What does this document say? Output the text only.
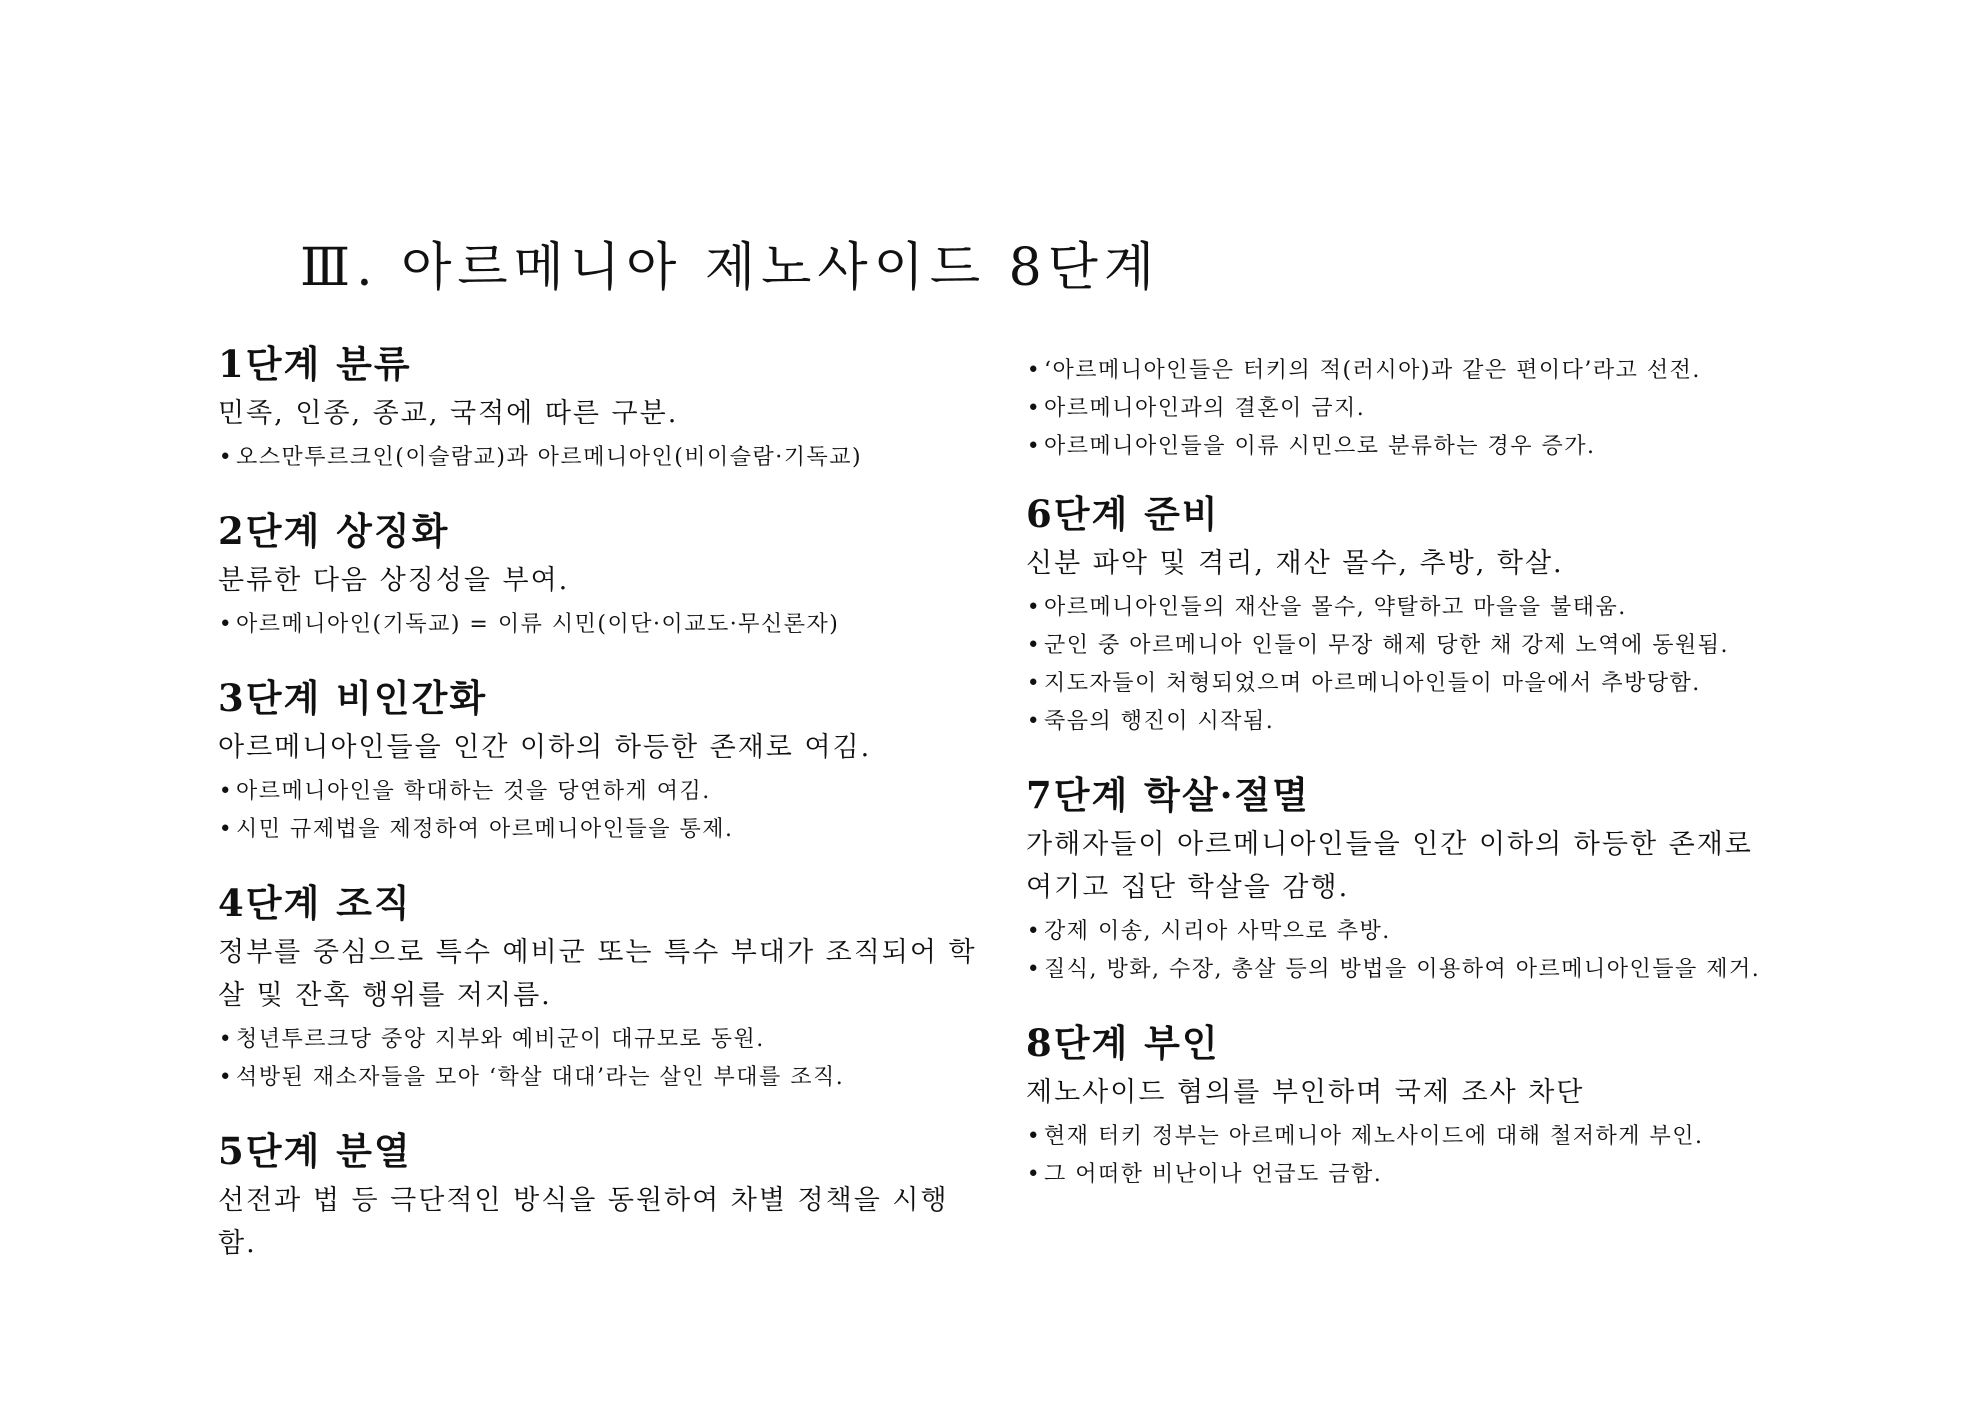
Ⅲ. 아르메니아 제노사이드 8단계
1단계 분류

민족, 인종, 종교, 국적에 따른 구분.

• 오스만투르크인(이슬람교)과 아르메니아인(비이슬람·기독교)
2단계 상징화

분류한 다음 상징성을 부여.

• 아르메니아인(기독교) = 이류 시민(이단·이교도·무신론자)
3단계 비인간화

아르메니아인들을 인간 이하의 하등한 존재로 여김.

• 아르메니아인을 학대하는 것을 당연하게 여김.
• 시민 규제법을 제정하여 아르메니아인들을 통제.
4단계 조직

정부를 중심으로 특수 예비군 또는 특수 부대가 조직되어 학살 및 잔혹 행위를 저지름.

• 청년투르크당 중앙 지부와 예비군이 대규모로 동원.
• 석방된 재소자들을 모아 ‘학살 대대’라는 살인 부대를 조직.
5단계 분열

선전과 법 등 극단적인 방식을 동원하여 차별 정책을 시행함.

• ‘아르메니아인들은 터키의 적(러시아)과 같은 편이다’라고 선전.
• 아르메니아인과의 결혼이 금지.
• 아르메니아인들을 이류 시민으로 분류하는 경우 증가.
6단계 준비

신분 파악 및 격리, 재산 몰수, 추방, 학살.

• 아르메니아인들의 재산을 몰수, 약탈하고 마을을 불태움.
• 군인 중 아르메니아 인들이 무장 해제 당한 채 강제 노역에 동원됨.
• 지도자들이 처형되었으며 아르메니아인들이 마을에서 추방당함.
• 죽음의 행진이 시작됨.
7단계 학살·절멸

가해자들이 아르메니아인들을 인간 이하의 하등한 존재로 여기고 집단 학살을 감행.

• 강제 이송, 시리아 사막으로 추방.
• 질식, 방화, 수장, 총살 등의 방법을 이용하여 아르메니아인들을 제거.
8단계 부인

제노사이드 혐의를 부인하며 국제 조사 차단

• 현재 터키 정부는 아르메니아 제노사이드에 대해 철저하게 부인.
• 그 어떠한 비난이나 언급도 금함.
